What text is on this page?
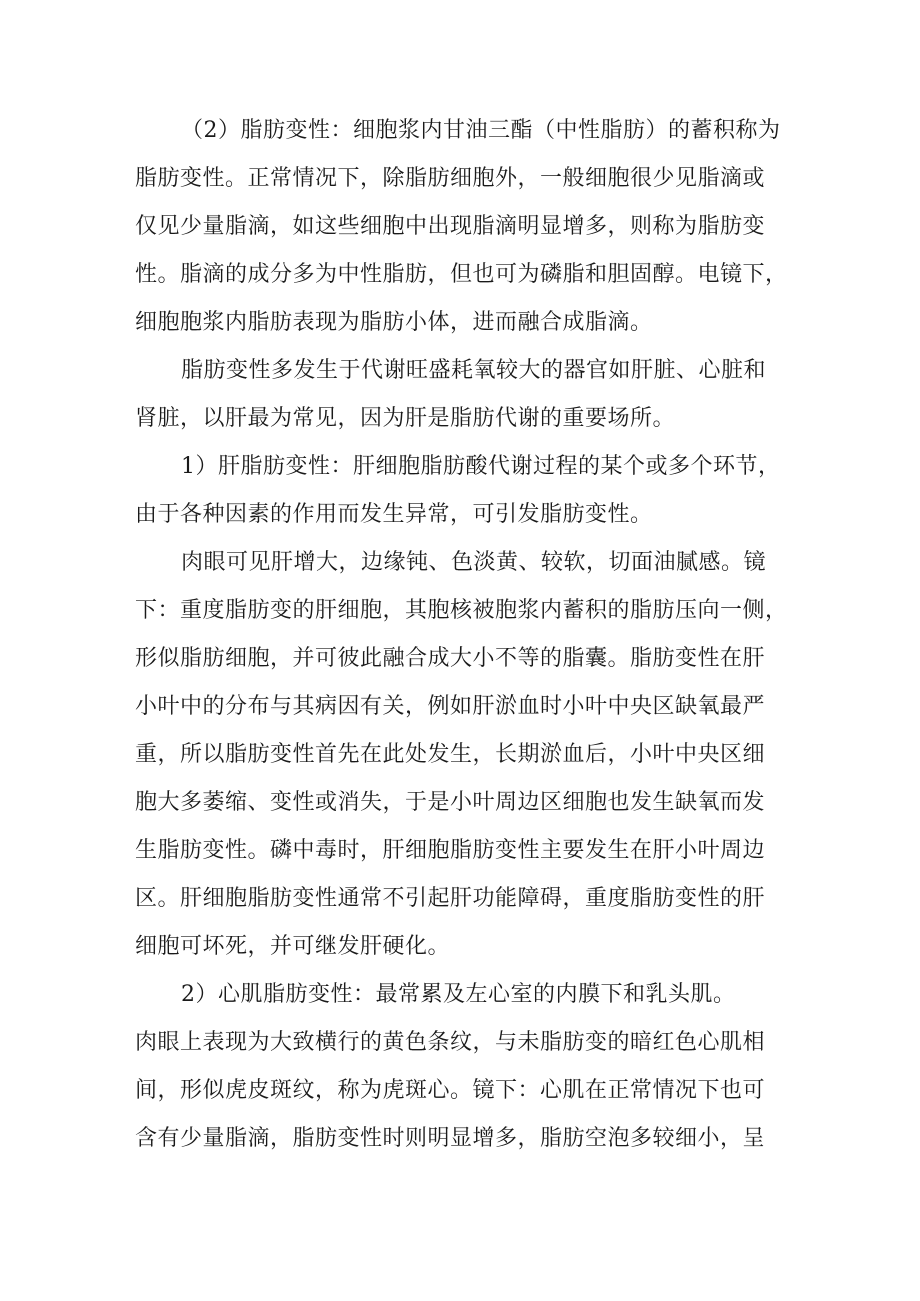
（2）脂肪变性：细胞浆内甘油三酯（中性脂肪）的蓄积称为
脂肪变性。正常情况下，除脂肪细胞外，一般细胞很少见脂滴或
仅见少量脂滴，如这些细胞中出现脂滴明显增多，则称为脂肪变
性。脂滴的成分多为中性脂肪，但也可为磷脂和胆固醇。电镜下，
细胞胞浆内脂肪表现为脂肪小体，进而融合成脂滴。
脂肪变性多发生于代谢旺盛耗氧较大的器官如肝脏、心脏和
肾脏，以肝最为常见，因为肝是脂肪代谢的重要场所。
1）肝脂肪变性：肝细胞脂肪酸代谢过程的某个或多个环节，
由于各种因素的作用而发生异常，可引发脂肪变性。
肉眼可见肝增大，边缘钝、色淡黄、较软，切面油腻感。镜
下：重度脂肪变的肝细胞，其胞核被胞浆内蓄积的脂肪压向一侧，
形似脂肪细胞，并可彼此融合成大小不等的脂囊。脂肪变性在肝
小叶中的分布与其病因有关，例如肝淤血时小叶中央区缺氧最严
重，所以脂肪变性首先在此处发生，长期淤血后，小叶中央区细
胞大多萎缩、变性或消失，于是小叶周边区细胞也发生缺氧而发
生脂肪变性。磷中毒时，肝细胞脂肪变性主要发生在肝小叶周边
区。肝细胞脂肪变性通常不引起肝功能障碍，重度脂肪变性的肝
细胞可坏死，并可继发肝硬化。
2）心肌脂肪变性：最常累及左心室的内膜下和乳头肌。
肉眼上表现为大致横行的黄色条纹，与未脂肪变的暗红色心肌相
间，形似虎皮斑纹，称为虎斑心。镜下：心肌在正常情况下也可
含有少量脂滴，脂肪变性时则明显增多，脂肪空泡多较细小，呈
